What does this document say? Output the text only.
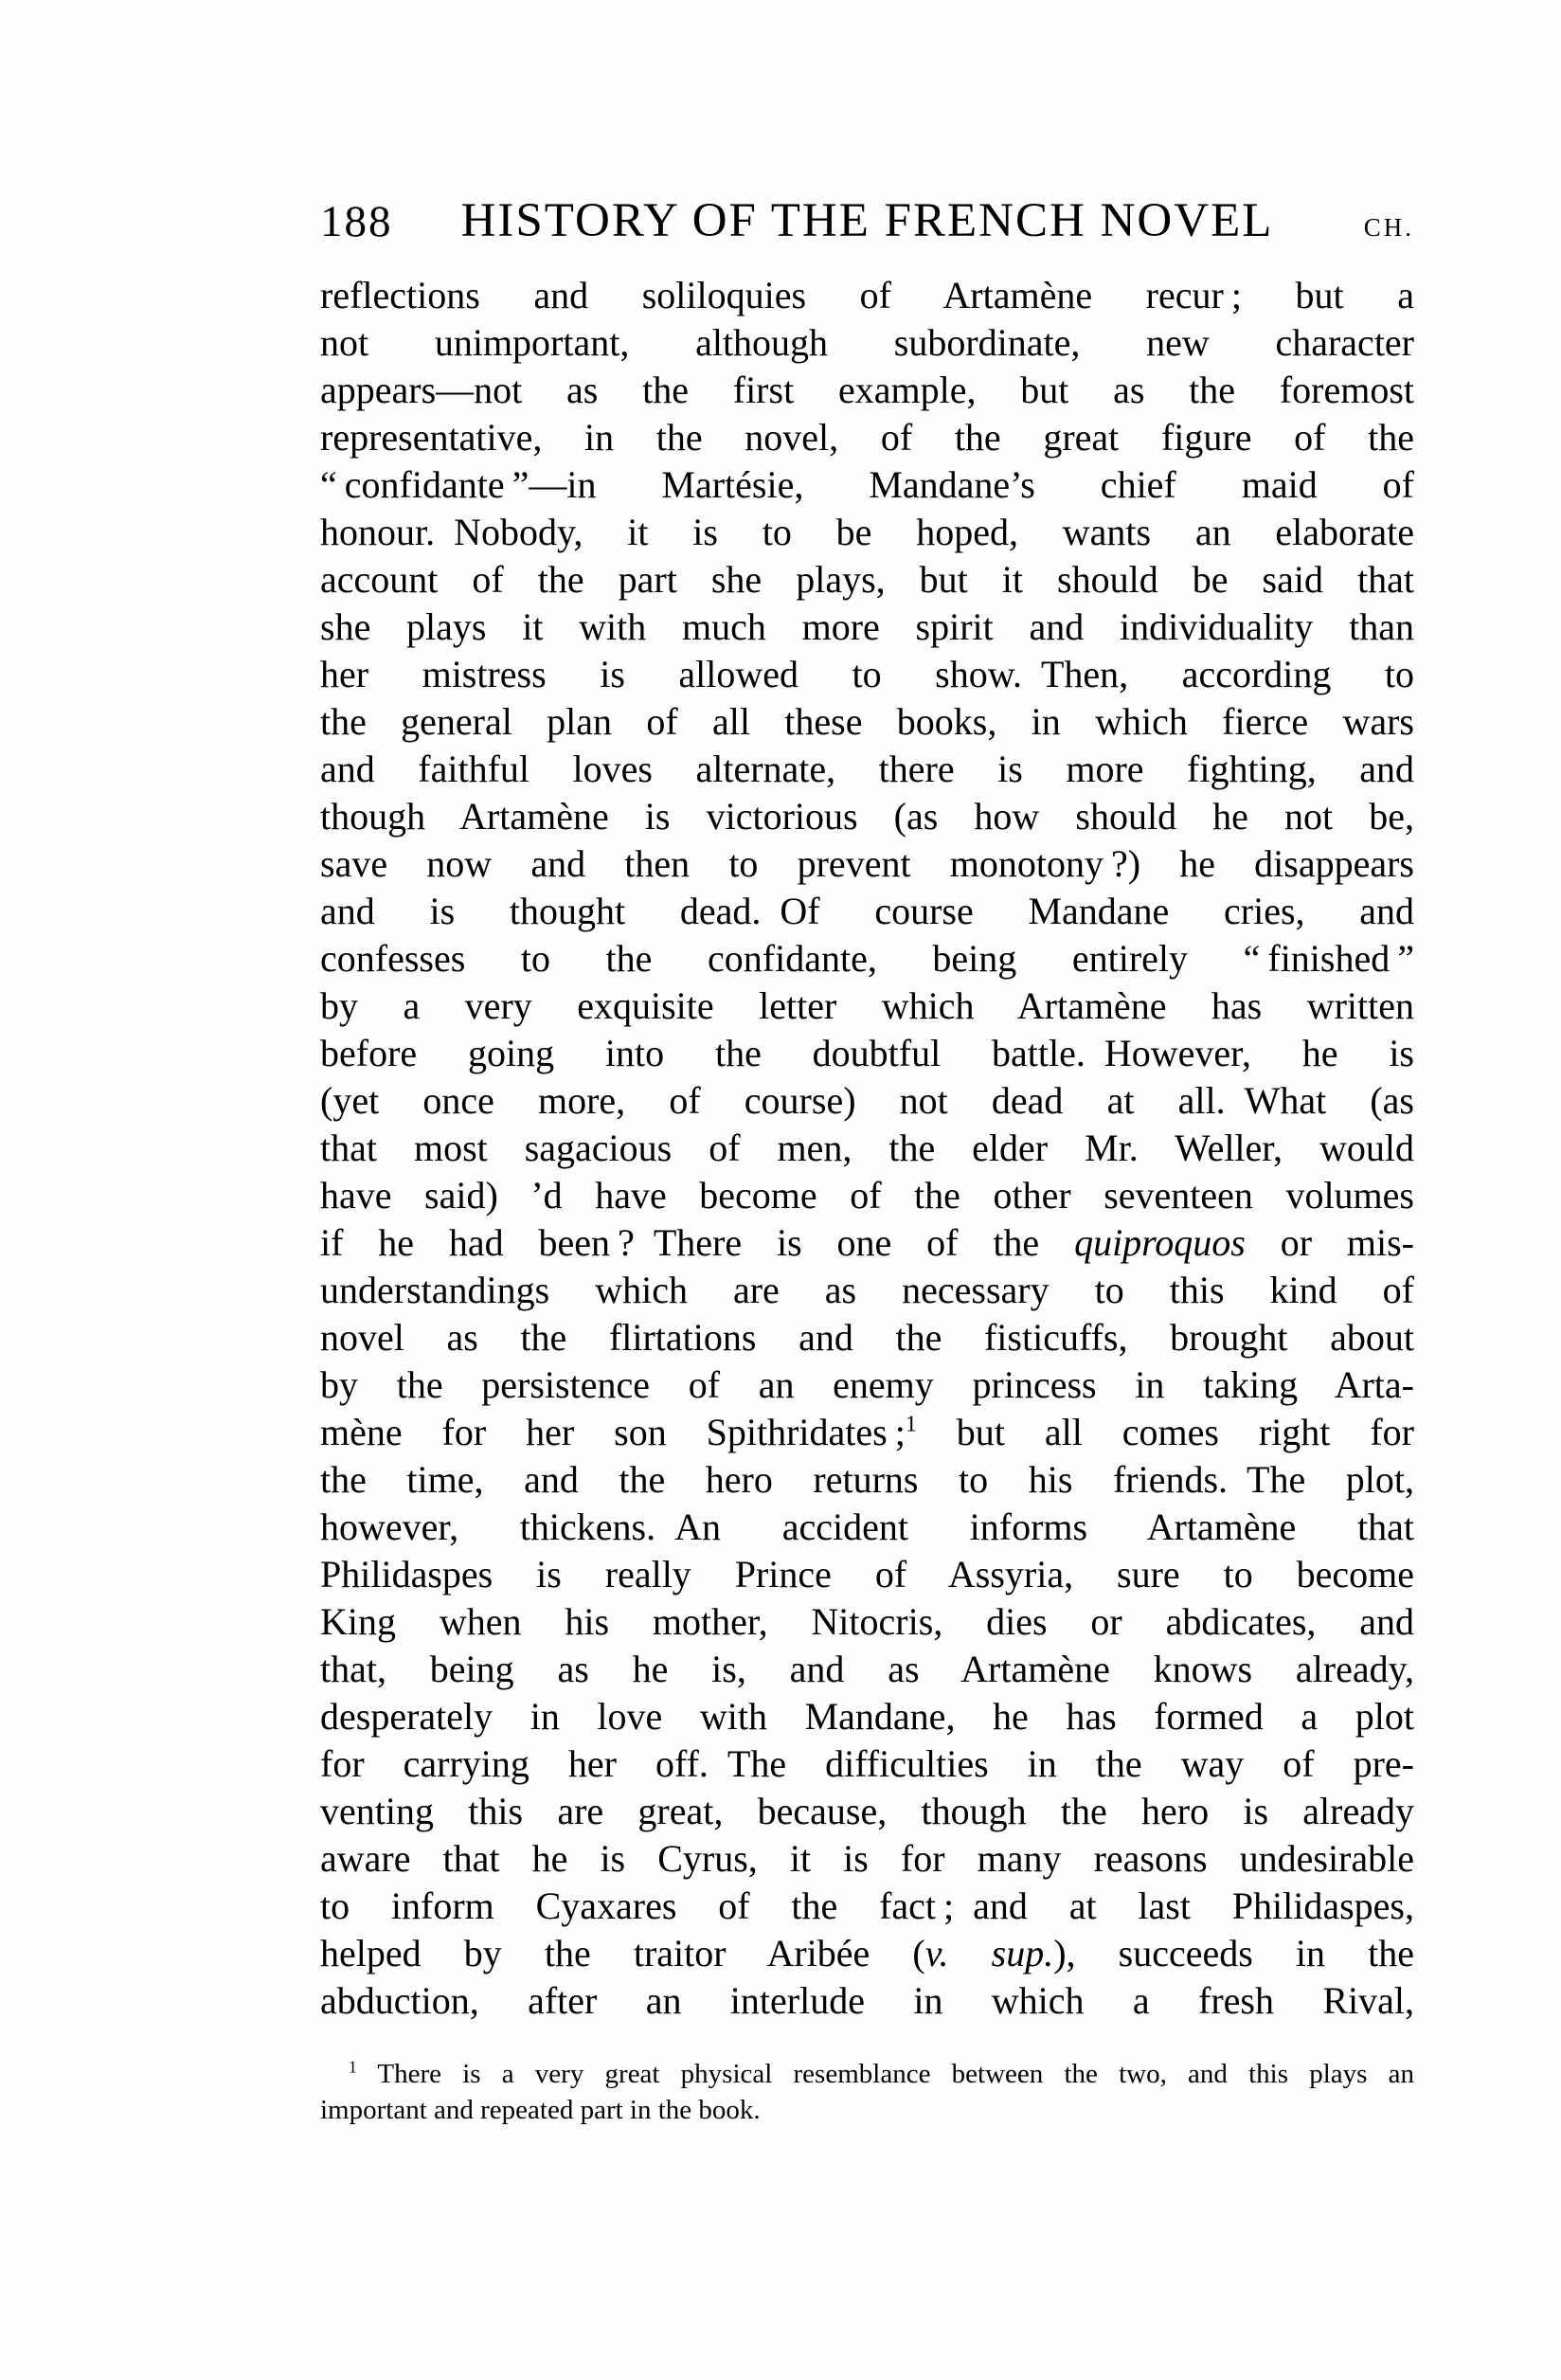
188	HISTORY OF THE FRENCH NOVEL	CH.
reflections and soliloquies of Artamène recur ; but a
not unimportant, although subordinate, new character
appears—not as the first example, but as the foremost
representative, in the novel, of the great figure of the
“ confidante ”—in Martésie, Mandane’s chief maid of
honour. Nobody, it is to be hoped, wants an elaborate
account of the part she plays, but it should be said that
she plays it with much more spirit and individuality than
her mistress is allowed to show. Then, according to
the general plan of all these books, in which fierce wars
and faithful loves alternate, there is more fighting, and
though Artamène is victorious (as how should he not be,
save now and then to prevent monotony ?) he disappears
and is thought dead. Of course Mandane cries, and
confesses to the confidante, being entirely “ finished ”
by a very exquisite letter which Artamène has written
before going into the doubtful battle. However, he is
(yet once more, of course) not dead at all. What (as
that most sagacious of men, the elder Mr. Weller, would
have said) ’d have become of the other seventeen volumes
if he had been ? There is one of the quiproquos or mis-
understandings which are as necessary to this kind of
novel as the flirtations and the fisticuffs, brought about
by the persistence of an enemy princess in taking Arta-
mène for her son Spithridates ;$^1$ but all comes right for
the time, and the hero returns to his friends. The plot,
however, thickens. An accident informs Artamène that
Philidaspes is really Prince of Assyria, sure to become
King when his mother, Nitocris, dies or abdicates, and
that, being as he is, and as Artamène knows already,
desperately in love with Mandane, he has formed a plot
for carrying her off. The difficulties in the way of pre-
venting this are great, because, though the hero is already
aware that he is Cyrus, it is for many reasons undesirable
to inform Cyaxares of the fact ; and at last Philidaspes,
helped by the traitor Aribée (v. sup.), succeeds in the
abduction, after an interlude in which a fresh Rival,
$^1$ There is a very great physical resemblance between the two, and this plays an
important and repeated part in the book.
